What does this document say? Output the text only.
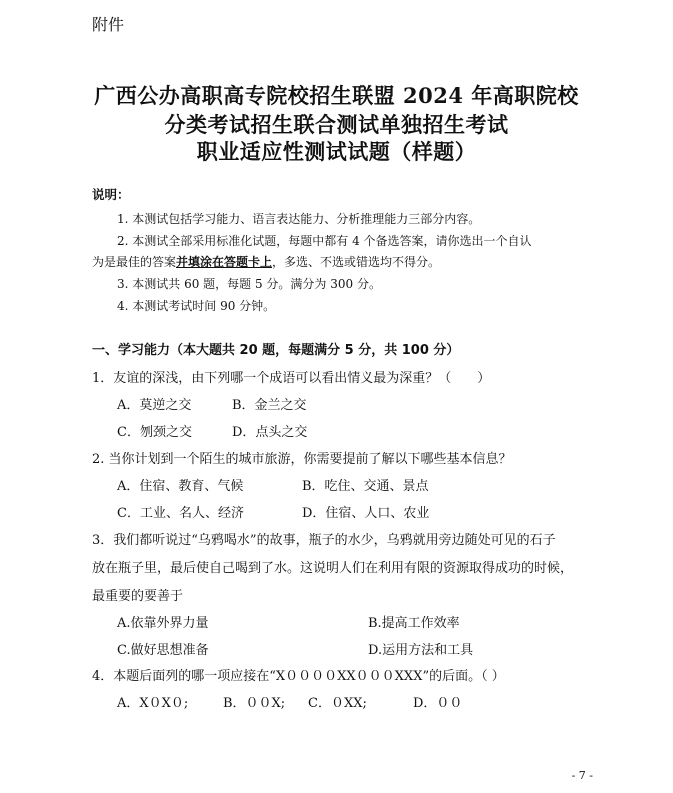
附件
广西公办高职高专院校招生联盟 2024 年高职院校
分类考试招生联合测试单独招生考试
职业适应性测试试题（样题）
说明：
1. 本测试包括学习能力、语言表达能力、分析推理能力三部分内容。
2. 本测试全部采用标准化试题，每题中都有 4 个备选答案，请你选出一个自认
为是最佳的答案并填涂在答题卡上，多选、不选或错选均不得分。
3. 本测试共 60 题，每题 5 分。满分为 300 分。
4. 本测试考试时间 90 分钟。
一、学习能力（本大题共 20 题，每题满分 5 分，共 100 分）
1．友谊的深浅，由下列哪一个成语可以看出情义最为深重？（　　）
A．莫逆之交	B．金兰之交
C．刎颈之交	D．点头之交
2. 当你计划到一个陌生的城市旅游，你需要提前了解以下哪些基本信息？
A．住宿、教育、气候	B．吃住、交通、景点
C．工业、名人、经济	D．住宿、人口、农业
3．我们都听说过“乌鸦喝水”的故事，瓶子的水少，乌鸦就用旁边随处可见的石子
放在瓶子里，最后使自己喝到了水。这说明人们在利用有限的资源取得成功的时候，
最重要的要善于
A.依靠外界力量	B.提高工作效率
C.做好思想准备	D.运用方法和工具
4．本题后面列的哪一项应接在“X００００XX０００XXX”的后面。（ ）
A．X０X０;	B．００X; C．０XX;	D．００
- 7 -
